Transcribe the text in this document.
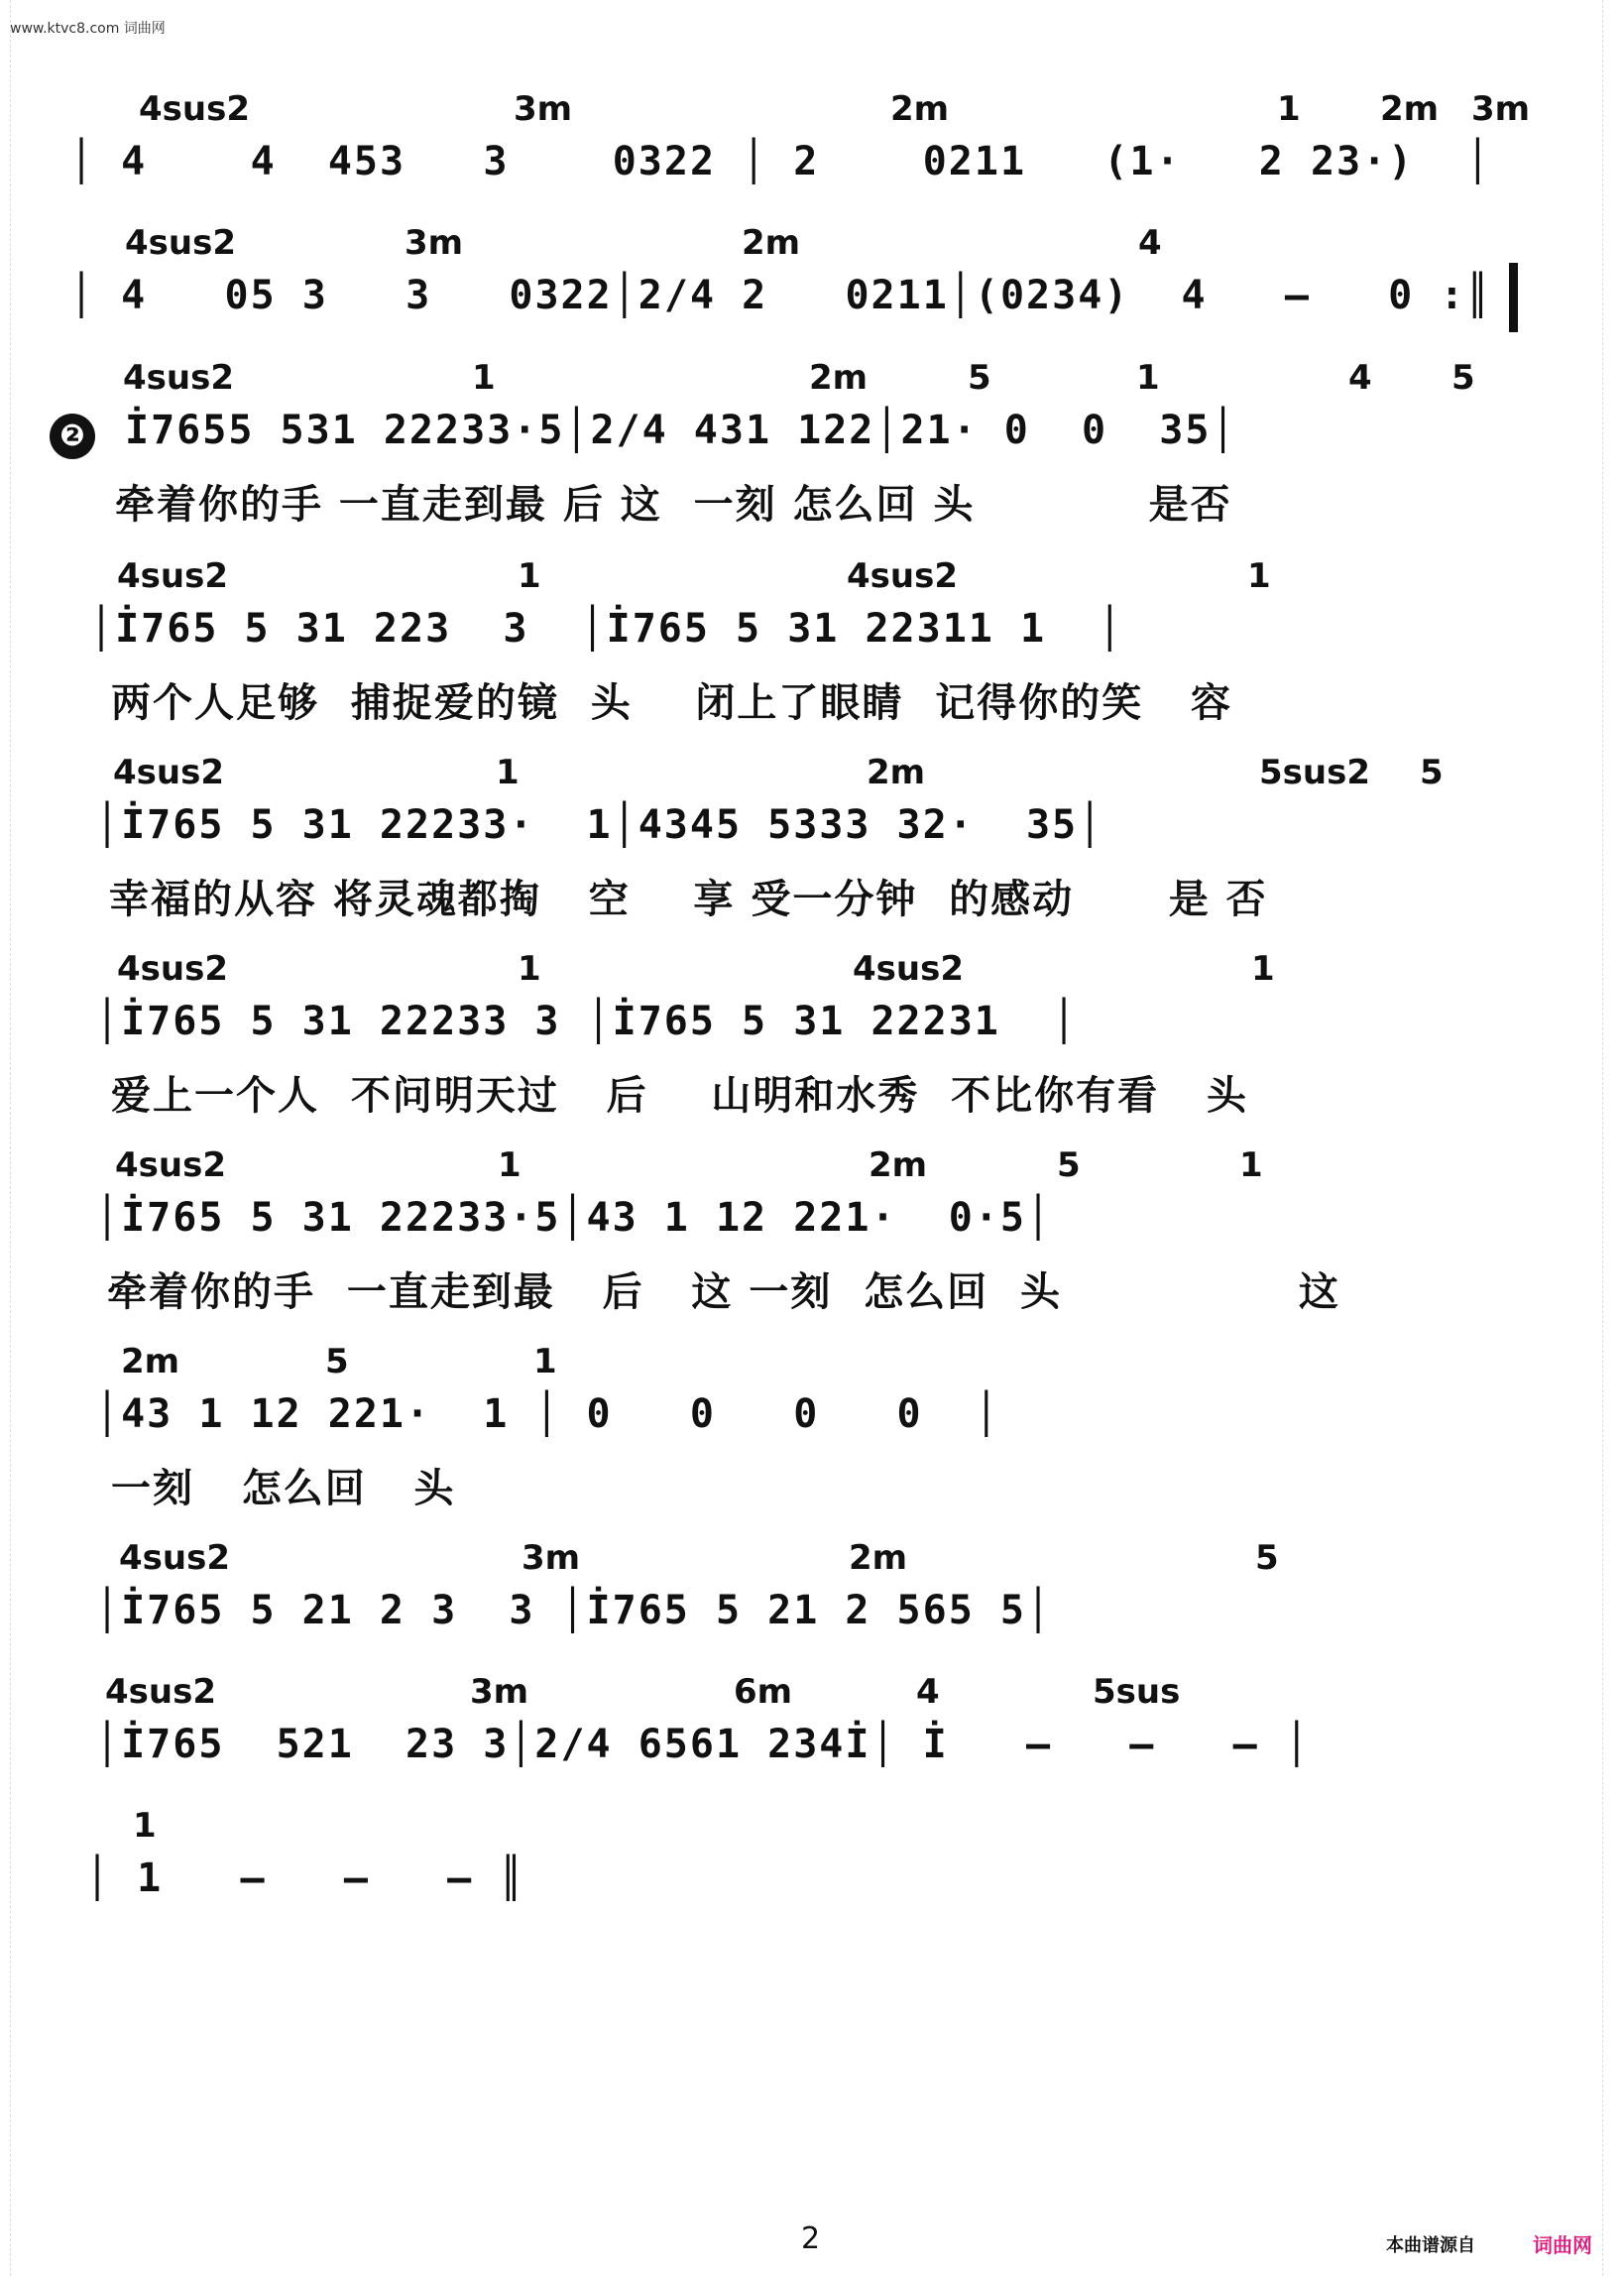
www.ktvc8.com 词曲网
4sus2	3m	2m	1 2m 3m
│ 4    4  453   3    0322 │ 2    0211   (1·   2 23·)  │
4sus2	3m	2m	4
│ 4   05 3   3   0322│2/4 2   0211│(0234)  4   –   0 :║
❷
4sus2	1	2m	5	1	4 5
İ7655 531 22233·5│2/4 431 122│21· 0  0  35│
牵着你的手 一直走到最 后 这  一刻 怎么回 头           是否
4sus2	1	4sus2	1
│İ765 5 31 223  3  │İ765 5 31 22311 1  │
两个人足够  捕捉爱的镜  头    闭上了眼睛  记得你的笑   容
4sus2	1	2m	5sus2 5
│İ765 5 31 22233·  1│4345 5333 32·  35│
幸福的从容 将灵魂都掏   空    享 受一分钟  的感动      是 否
4sus2	1	4sus2	1
│İ765 5 31 22233 3 │İ765 5 31 22231  │
爱上一个人  不问明天过   后    山明和水秀  不比你有看   头
4sus2	1	2m	5	1
│İ765 5 31 22233·5│43 1 12 221·  0·5│
牵着你的手  一直走到最   后   这 一刻  怎么回  头               这
2m	5	1
│43 1 12 221·  1 │ 0   0   0   0  │
一刻   怎么回   头
4sus2	3m	2m	5
│İ765 5 21 2 3  3 │İ765 5 21 2 565 5│
4sus2	3m	6m	4	5sus
│İ765  521  23 3│2/4 6561 234İ│ İ   –   –   – │
1
│ 1   –   –   – ║
2	本曲谱源自	词曲网
